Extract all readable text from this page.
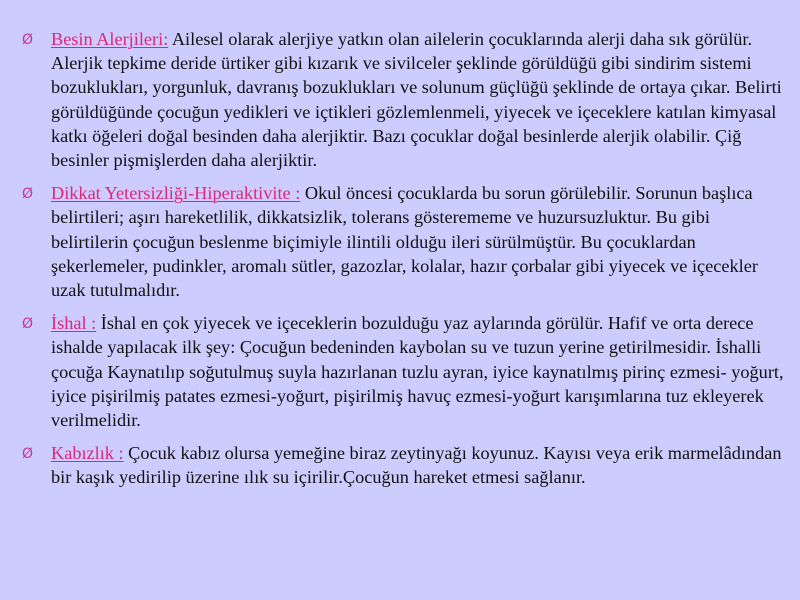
Ø Besin Alerjileri: Ailesel olarak alerjiye yatkın olan ailelerin çocuklarında alerji daha sık görülür. Alerjik tepkime deride ürtiker gibi kızarık ve sivilceler şeklinde görüldüğü gibi sindirim sistemi bozuklukları, yorgunluk, davranış bozuklukları ve solunum güçlüğü şeklinde de ortaya çıkar. Belirti görüldüğünde çocuğun yedikleri ve içtikleri gözlemlenmeli, yiyecek ve içeceklere katılan kimyasal katkı öğeleri doğal besinden daha alerjiktir. Bazı çocuklar doğal besinlerde alerjik olabilir. Çiğ besinler pişmişlerden daha alerjiktir.
Ø Dikkat Yetersizliği-Hiperaktivite : Okul öncesi çocuklarda bu sorun görülebilir. Sorunun başlıca belirtileri; aşırı hareketlilik, dikkatsizlik, tolerans gösterememe ve huzursuzluktur. Bu gibi belirtilerin çocuğun beslenme biçimiyle ilintili olduğu ileri sürülmüştür. Bu çocuklardan şekerlemeler, pudinkler, aromalı sütler, gazozlar, kolalar, hazır çorbalar gibi yiyecek ve içecekler uzak tutulmalıdır.
Ø İshal : İshal en çok yiyecek ve içeceklerin bozulduğu yaz aylarında görülür. Hafif ve orta derece ishalde yapılacak ilk şey: Çocuğun bedeninden kaybolan su ve tuzun yerine getirilmesidir. İshalli çocuğa Kaynatılıp soğutulmuş suyla hazırlanan tuzlu ayran, iyice kaynatılmış pirinç ezmesi- yoğurt, iyice pişirilmiş patates ezmesi-yoğurt, pişirilmiş havuç ezmesi-yoğurt karışımlarına tuz ekleyerek verilmelidir.
Ø Kabızlık : Çocuk kabız olursa yemeğine biraz zeytinyağı koyunuz. Kayısı veya erik marmelâdından bir kaşık yedirilip üzerine ılık su içirilir.Çocuğun hareket etmesi sağlanır.
